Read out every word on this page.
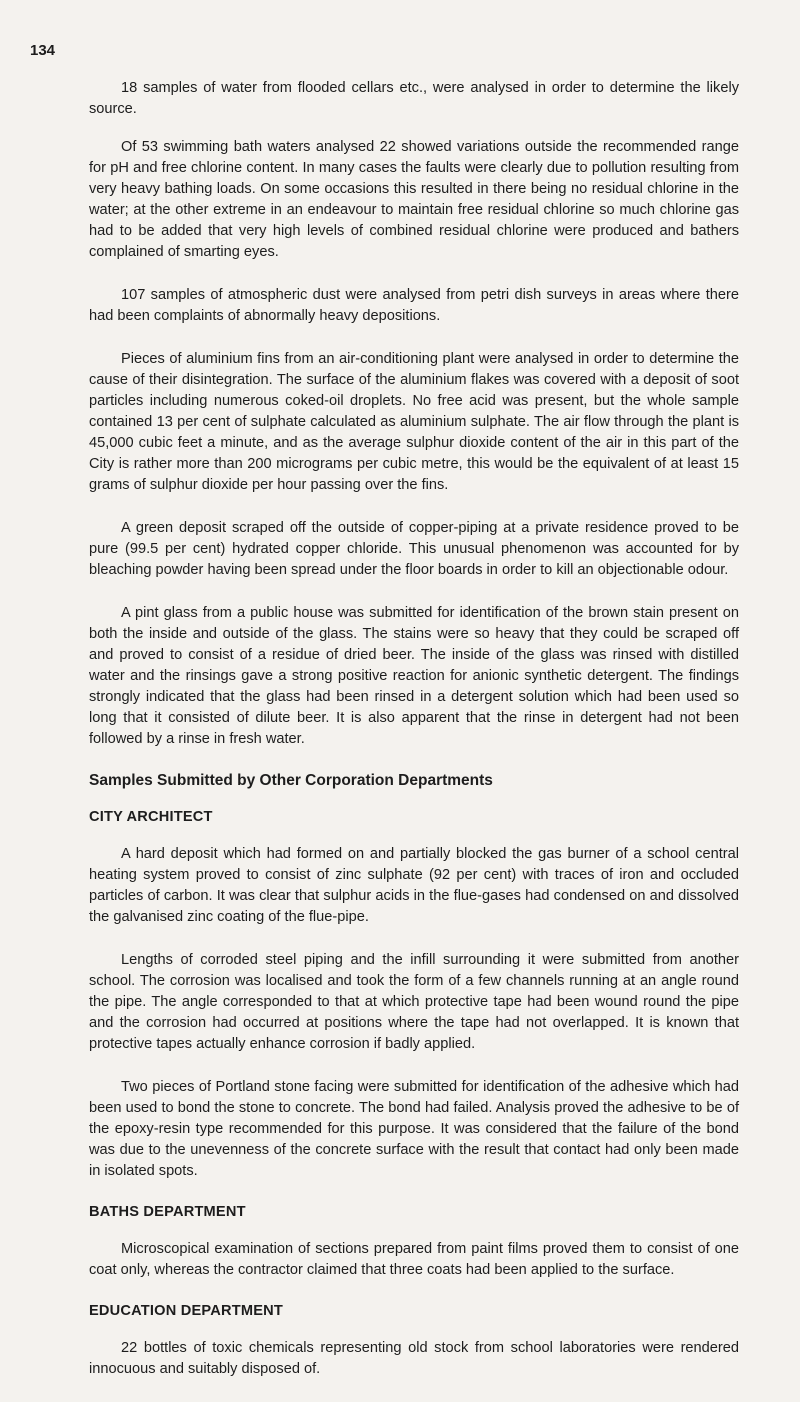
134

18 samples of water from flooded cellars etc., were analysed in order to determine the likely source.

Of 53 swimming bath waters analysed 22 showed variations outside the recommended range for pH and free chlorine content. In many cases the faults were clearly due to pollution resulting from very heavy bathing loads. On some occasions this resulted in there being no residual chlorine in the water; at the other extreme in an endeavour to maintain free residual chlorine so much chlorine gas had to be added that very high levels of combined residual chlorine were produced and bathers complained of smarting eyes.

107 samples of atmospheric dust were analysed from petri dish surveys in areas where there had been complaints of abnormally heavy depositions.

Pieces of aluminium fins from an air-conditioning plant were analysed in order to determine the cause of their disintegration. The surface of the aluminium flakes was covered with a deposit of soot particles including numerous coked-oil droplets. No free acid was present, but the whole sample contained 13 per cent of sulphate calculated as aluminium sulphate. The air flow through the plant is 45,000 cubic feet a minute, and as the average sulphur dioxide content of the air in this part of the City is rather more than 200 micrograms per cubic metre, this would be the equivalent of at least 15 grams of sulphur dioxide per hour passing over the fins.

A green deposit scraped off the outside of copper-piping at a private residence proved to be pure (99.5 per cent) hydrated copper chloride. This unusual phenomenon was accounted for by bleaching powder having been spread under the floor boards in order to kill an objectionable odour.

A pint glass from a public house was submitted for identification of the brown stain present on both the inside and outside of the glass. The stains were so heavy that they could be scraped off and proved to consist of a residue of dried beer. The inside of the glass was rinsed with distilled water and the rinsings gave a strong positive reaction for anionic synthetic detergent. The findings strongly indicated that the glass had been rinsed in a detergent solution which had been used so long that it consisted of dilute beer. It is also apparent that the rinse in detergent had not been followed by a rinse in fresh water.

Samples Submitted by Other Corporation Departments
CITY ARCHITECT

A hard deposit which had formed on and partially blocked the gas burner of a school central heating system proved to consist of zinc sulphate (92 per cent) with traces of iron and occluded particles of carbon. It was clear that sulphur acids in the flue-gases had condensed on and dissolved the galvanised zinc coating of the flue-pipe.

Lengths of corroded steel piping and the infill surrounding it were submitted from another school. The corrosion was localised and took the form of a few channels running at an angle round the pipe. The angle corresponded to that at which protective tape had been wound round the pipe and the corrosion had occurred at positions where the tape had not overlapped. It is known that protective tapes actually enhance corrosion if badly applied.

Two pieces of Portland stone facing were submitted for identification of the adhesive which had been used to bond the stone to concrete. The bond had failed. Analysis proved the adhesive to be of the epoxy-resin type recommended for this purpose. It was considered that the failure of the bond was due to the unevenness of the concrete surface with the result that contact had only been made in isolated spots.

BATHS DEPARTMENT

Microscopical examination of sections prepared from paint films proved them to consist of one coat only, whereas the contractor claimed that three coats had been applied to the surface.

EDUCATION DEPARTMENT

22 bottles of toxic chemicals representing old stock from school laboratories were rendered innocuous and suitably disposed of.
